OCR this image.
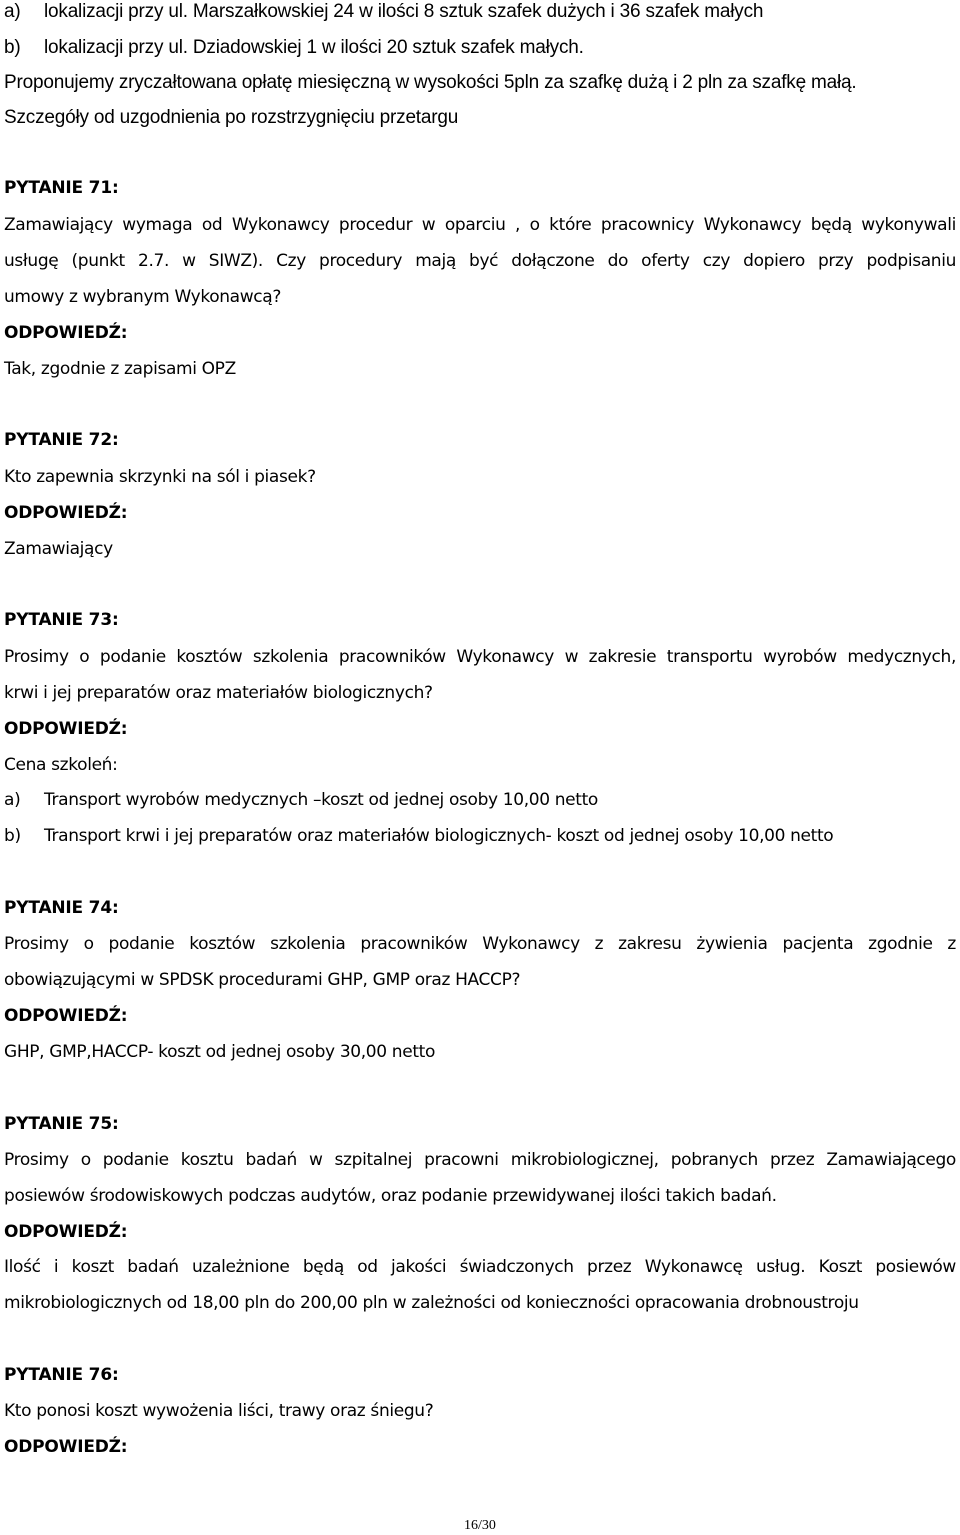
a)	lokalizacji przy ul. Marszałkowskiej 24 w ilości 8 sztuk szafek dużych i 36 szafek małych
b)	lokalizacji przy ul. Dziadowskiej 1 w ilości 20 sztuk szafek małych.
Proponujemy zryczałtowana opłatę miesięczną w wysokości 5pln za szafkę dużą i 2 pln za szafkę małą.
Szczegóły od uzgodnienia po rozstrzygnięciu przetargu
PYTANIE 71:
Zamawiający wymaga od Wykonawcy procedur w oparciu , o które pracownicy Wykonawcy będą wykonywali
usługę (punkt 2.7. w SIWZ). Czy procedury mają być dołączone do oferty czy dopiero przy podpisaniu
umowy z wybranym Wykonawcą?
ODPOWIEDŹ:
Tak, zgodnie z zapisami OPZ
PYTANIE 72:
Kto zapewnia skrzynki na sól i piasek?
ODPOWIEDŹ:
Zamawiający
PYTANIE 73:
Prosimy o podanie kosztów szkolenia pracowników Wykonawcy w zakresie transportu wyrobów medycznych,
krwi i jej preparatów oraz materiałów biologicznych?
ODPOWIEDŹ:
Cena szkoleń:
a)	Transport wyrobów medycznych –koszt od jednej osoby 10,00 netto
b)	Transport krwi i jej preparatów oraz materiałów biologicznych- koszt od jednej osoby 10,00 netto
PYTANIE 74:
Prosimy o podanie kosztów szkolenia pracowników Wykonawcy z zakresu żywienia pacjenta zgodnie z
obowiązującymi w SPDSK procedurami GHP, GMP oraz HACCP?
ODPOWIEDŹ:
GHP, GMP,HACCP- koszt od jednej osoby 30,00 netto
PYTANIE 75:
Prosimy o podanie kosztu badań w szpitalnej pracowni mikrobiologicznej, pobranych przez Zamawiającego
posiewów środowiskowych podczas audytów, oraz podanie przewidywanej ilości takich badań.
ODPOWIEDŹ:
Ilość i koszt badań uzależnione będą od jakości świadczonych przez Wykonawcę usług. Koszt posiewów
mikrobiologicznych od 18,00 pln do 200,00 pln w zależności od konieczności opracowania drobnoustroju
PYTANIE 76:
Kto ponosi koszt wywożenia liści, trawy oraz śniegu?
ODPOWIEDŹ:
16/30
